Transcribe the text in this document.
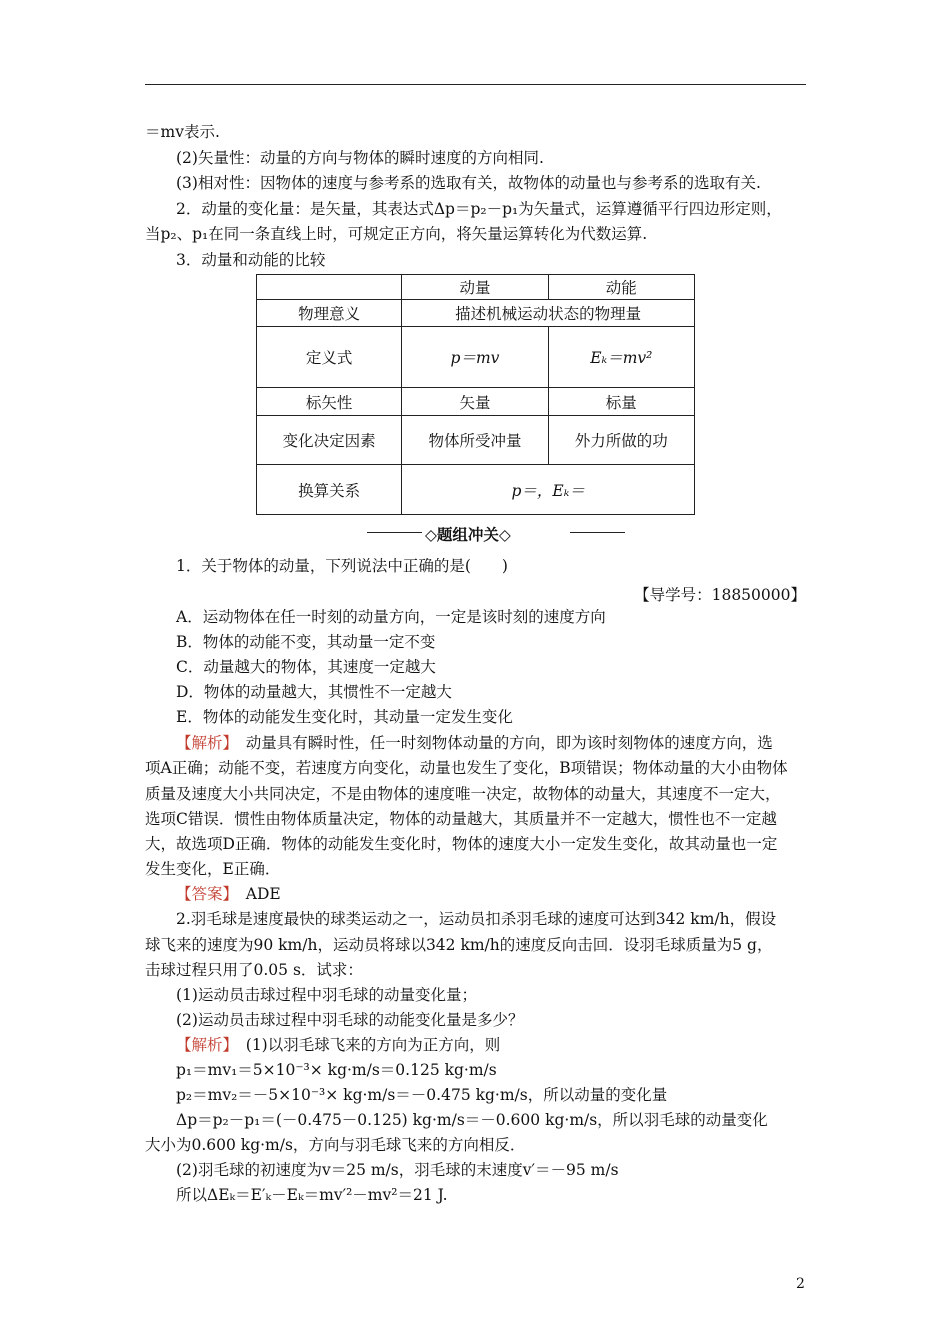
＝mv表示.
(2)矢量性：动量的方向与物体的瞬时速度的方向相同.
(3)相对性：因物体的速度与参考系的选取有关，故物体的动量也与参考系的选取有关.
2．动量的变化量：是矢量，其表达式Δp＝p₂－p₁为矢量式，运算遵循平行四边形定则，
当p₂、p₁在同一条直线上时，可规定正方向，将矢量运算转化为代数运算.
3．动量和动能的比较
	动量	动能
物理意义	描述机械运动状态的物理量	
定义式	p＝mv	Eₖ＝mv²
标矢性	矢量	标量
变化决定因素	物体所受冲量	外力所做的功
换算关系	p＝，Eₖ＝	
◇题组冲关◇
1．关于物体的动量，下列说法中正确的是(　　)
【导学号：18850000】
A．运动物体在任一时刻的动量方向，一定是该时刻的速度方向
B．物体的动能不变，其动量一定不变
C．动量越大的物体，其速度一定越大
D．物体的动量越大，其惯性不一定越大
E．物体的动能发生变化时，其动量一定发生变化
【解析】　动量具有瞬时性，任一时刻物体动量的方向，即为该时刻物体的速度方向，选
项A正确；动能不变，若速度方向变化，动量也发生了变化，B项错误；物体动量的大小由物体
质量及速度大小共同决定，不是由物体的速度唯一决定，故物体的动量大，其速度不一定大，
选项C错误．惯性由物体质量决定，物体的动量越大，其质量并不一定越大，惯性也不一定越
大，故选项D正确．物体的动能发生变化时，物体的速度大小一定发生变化，故其动量也一定
发生变化，E正确．
【答案】　ADE
2.羽毛球是速度最快的球类运动之一，运动员扣杀羽毛球的速度可达到342 km/h，假设
球飞来的速度为90 km/h，运动员将球以342 km/h的速度反向击回．设羽毛球质量为5 g，
击球过程只用了0.05 s．试求：
(1)运动员击球过程中羽毛球的动量变化量；
(2)运动员击球过程中羽毛球的动能变化量是多少？
【解析】　(1)以羽毛球飞来的方向为正方向，则
p₁＝mv₁＝5×10⁻³× kg·m/s＝0.125 kg·m/s
p₂＝mv₂＝－5×10⁻³× kg·m/s＝－0.475 kg·m/s，所以动量的变化量
Δp＝p₂－p₁＝(－0.475－0.125) kg·m/s＝－0.600 kg·m/s，所以羽毛球的动量变化
大小为0.600 kg·m/s，方向与羽毛球飞来的方向相反．
(2)羽毛球的初速度为v＝25 m/s，羽毛球的末速度v′＝－95 m/s
所以ΔEₖ＝E′ₖ－Eₖ＝mv′²－mv²＝21 J.
2
